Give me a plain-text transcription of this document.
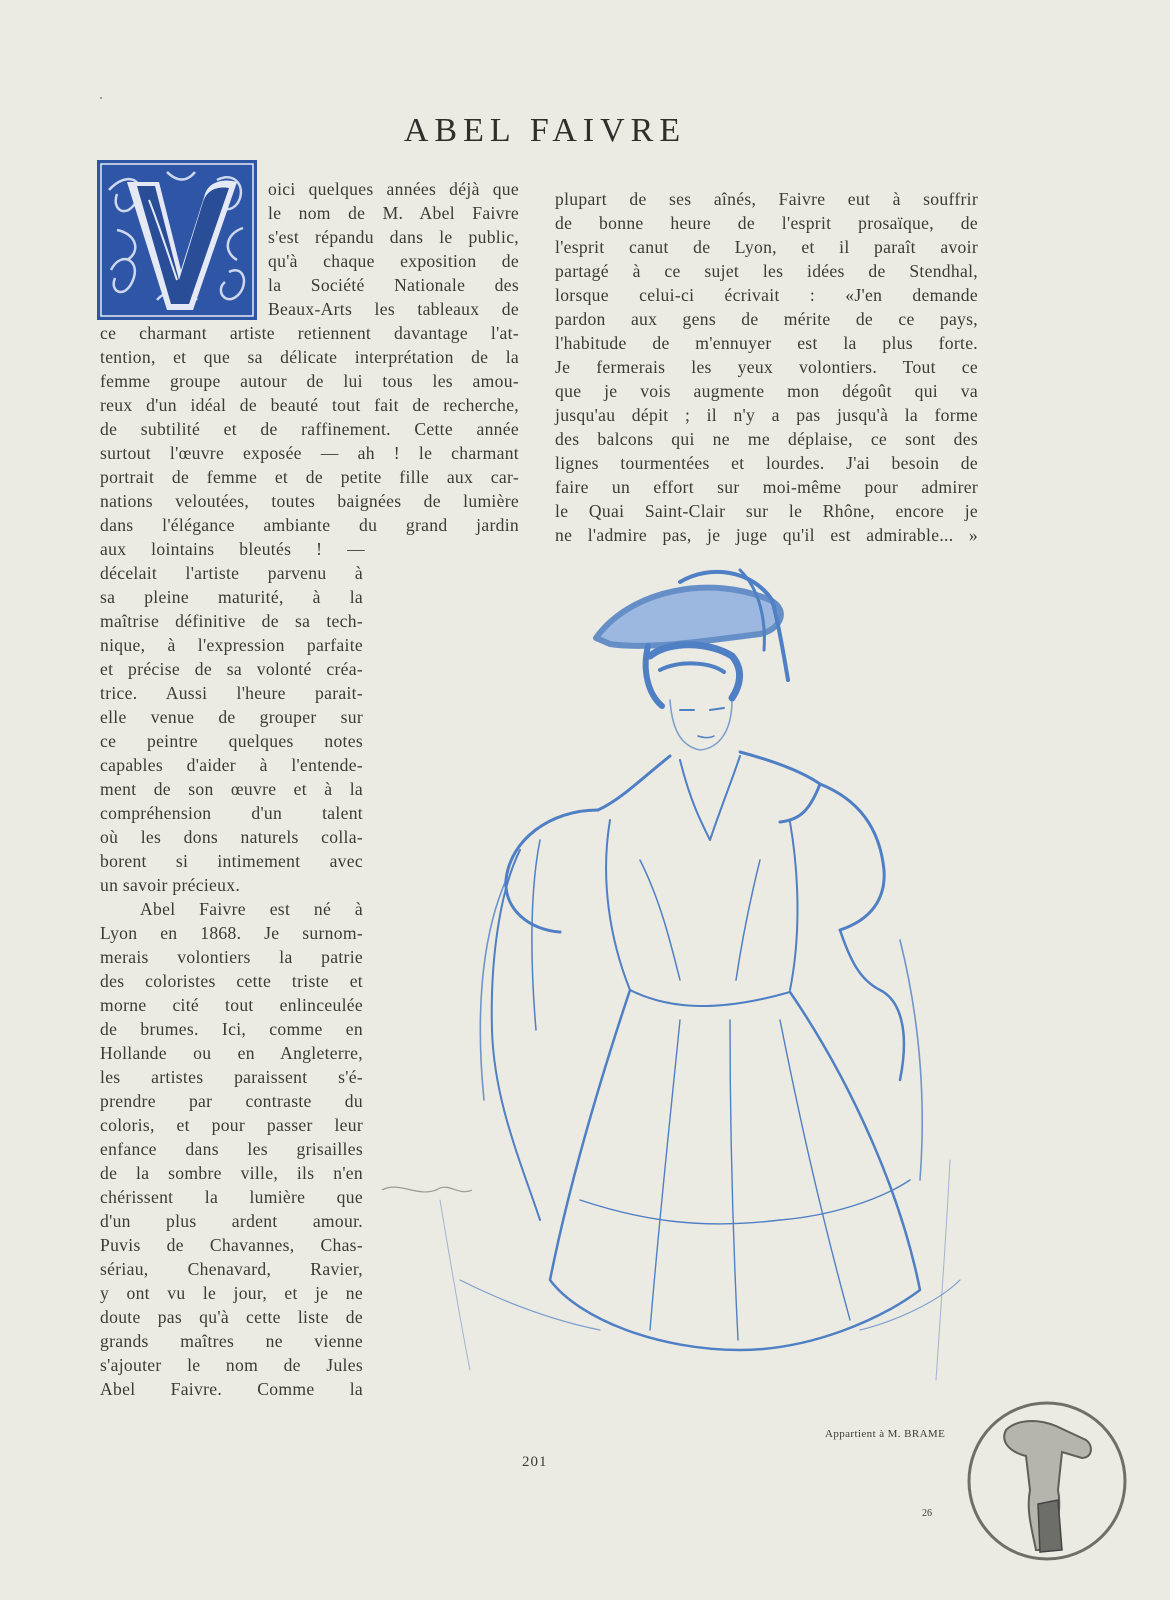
ABEL FAIVRE
oici quelques années déjà que
le nom de M. Abel Faivre
s'est répandu dans le public,
qu'à chaque exposition de
la Société Nationale des
Beaux-Arts les tableaux de
ce charmant artiste retiennent davantage l'at-
tention, et que sa délicate interprétation de la
femme groupe autour de lui tous les amou-
reux d'un idéal de beauté tout fait de recherche,
de subtilité et de raffinement. Cette année
surtout l'œuvre exposée — ah ! le charmant
portrait de femme et de petite fille aux car-
nations veloutées, toutes baignées de lumière
dans l'élégance ambiante du grand jardin
aux lointains bleutés ! —
décelait l'artiste parvenu à
sa pleine maturité, à la
maîtrise définitive de sa tech-
nique, à l'expression parfaite
et précise de sa volonté créa-
trice. Aussi l'heure parait-
elle venue de grouper sur
ce peintre quelques notes
capables d'aider à l'entende-
ment de son œuvre et à la
compréhension d'un talent
où les dons naturels colla-
borent si intimement avec
un savoir précieux.
Abel Faivre est né à
Lyon en 1868. Je surnom-
merais volontiers la patrie
des coloristes cette triste et
morne cité tout enlinceulée
de brumes. Ici, comme en
Hollande ou en Angleterre,
les artistes paraissent s'é-
prendre par contraste du
coloris, et pour passer leur
enfance dans les grisailles
de la sombre ville, ils n'en
chérissent la lumière que
d'un plus ardent amour.
Puvis de Chavannes, Chas-
sériau, Chenavard, Ravier,
y ont vu le jour, et je ne
doute pas qu'à cette liste de
grands maîtres ne vienne
s'ajouter le nom de Jules
Abel Faivre. Comme la
plupart de ses aînés, Faivre eut à souffrir
de bonne heure de l'esprit prosaïque, de
l'esprit canut de Lyon, et il paraît avoir
partagé à ce sujet les idées de Stendhal,
lorsque celui-ci écrivait : «J'en demande
pardon aux gens de mérite de ce pays,
l'habitude de m'ennuyer est la plus forte.
Je fermerais les yeux volontiers. Tout ce
que je vois augmente mon dégoût qui va
jusqu'au dépit ; il n'y a pas jusqu'à la forme
des balcons qui ne me déplaise, ce sont des
lignes tourmentées et lourdes. J'ai besoin de
faire un effort sur moi-même pour admirer
le Quai Saint-Clair sur le Rhône, encore je
ne l'admire pas, je juge qu'il est admirable... »
Appartient à M. BRAME
201
26
